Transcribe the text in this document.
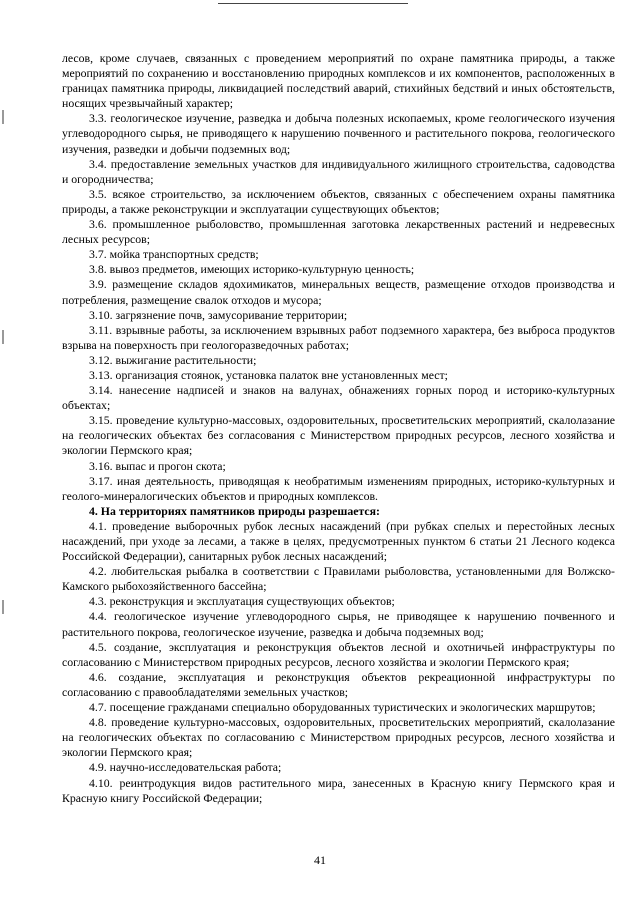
лесов, кроме случаев, связанных с проведением мероприятий по охране памятника природы, а также мероприятий по сохранению и восстановлению природных комплексов и их компонентов, расположенных в границах памятника природы, ликвидацией последствий аварий, стихийных бедствий и иных обстоятельств, носящих чрезвычайный характер;

3.3. геологическое изучение, разведка и добыча полезных ископаемых, кроме геологического изучения углеводородного сырья, не приводящего к нарушению почвенного и растительного покрова, геологического изучения, разведки и добычи подземных вод;

3.4. предоставление земельных участков для индивидуального жилищного строительства, садоводства и огородничества;

3.5. всякое строительство, за исключением объектов, связанных с обеспечением охраны памятника природы, а также реконструкции и эксплуатации существующих объектов;

3.6. промышленное рыболовство, промышленная заготовка лекарственных растений и недревесных лесных ресурсов;

3.7. мойка транспортных средств;

3.8. вывоз предметов, имеющих историко-культурную ценность;

3.9. размещение складов ядохимикатов, минеральных веществ, размещение отходов производства и потребления, размещение свалок отходов и мусора;

3.10. загрязнение почв, замусоривание территории;

3.11. взрывные работы, за исключением взрывных работ подземного характера, без выброса продуктов взрыва на поверхность при геологоразведочных работах;

3.12. выжигание растительности;

3.13. организация стоянок, установка палаток вне установленных мест;

3.14. нанесение надписей и знаков на валунах, обнажениях горных пород и историко-культурных объектах;

3.15. проведение культурно-массовых, оздоровительных, просветительских мероприятий, скалолазание на геологических объектах без согласования с Министерством природных ресурсов, лесного хозяйства и экологии Пермского края;

3.16. выпас и прогон скота;

3.17. иная деятельность, приводящая к необратимым изменениям природных, историко-культурных и геолого-минералогических объектов и природных комплексов.

4. На территориях памятников природы разрешается:

4.1. проведение выборочных рубок лесных насаждений (при рубках спелых и перестойных лесных насаждений, при уходе за лесами, а также в целях, предусмотренных пунктом 6 статьи 21 Лесного кодекса Российской Федерации), санитарных рубок лесных насаждений;

4.2. любительская рыбалка в соответствии с Правилами рыболовства, установленными для Волжско-Камского рыбохозяйственного бассейна;

4.3. реконструкция и эксплуатация существующих объектов;

4.4. геологическое изучение углеводородного сырья, не приводящее к нарушению почвенного и растительного покрова, геологическое изучение, разведка и добыча подземных вод;

4.5. создание, эксплуатация и реконструкция объектов лесной и охотничьей инфраструктуры по согласованию с Министерством природных ресурсов, лесного хозяйства и экологии Пермского края;

4.6. создание, эксплуатация и реконструкция объектов рекреационной инфраструктуры по согласованию с правообладателями земельных участков;

4.7. посещение гражданами специально оборудованных туристических и экологических маршрутов;

4.8. проведение культурно-массовых, оздоровительных, просветительских мероприятий, скалолазание на геологических объектах по согласованию с Министерством природных ресурсов, лесного хозяйства и экологии Пермского края;

4.9. научно-исследовательская работа;

4.10. реинтродукция видов растительного мира, занесенных в Красную книгу Пермского края и Красную книгу Российской Федерации;

41
